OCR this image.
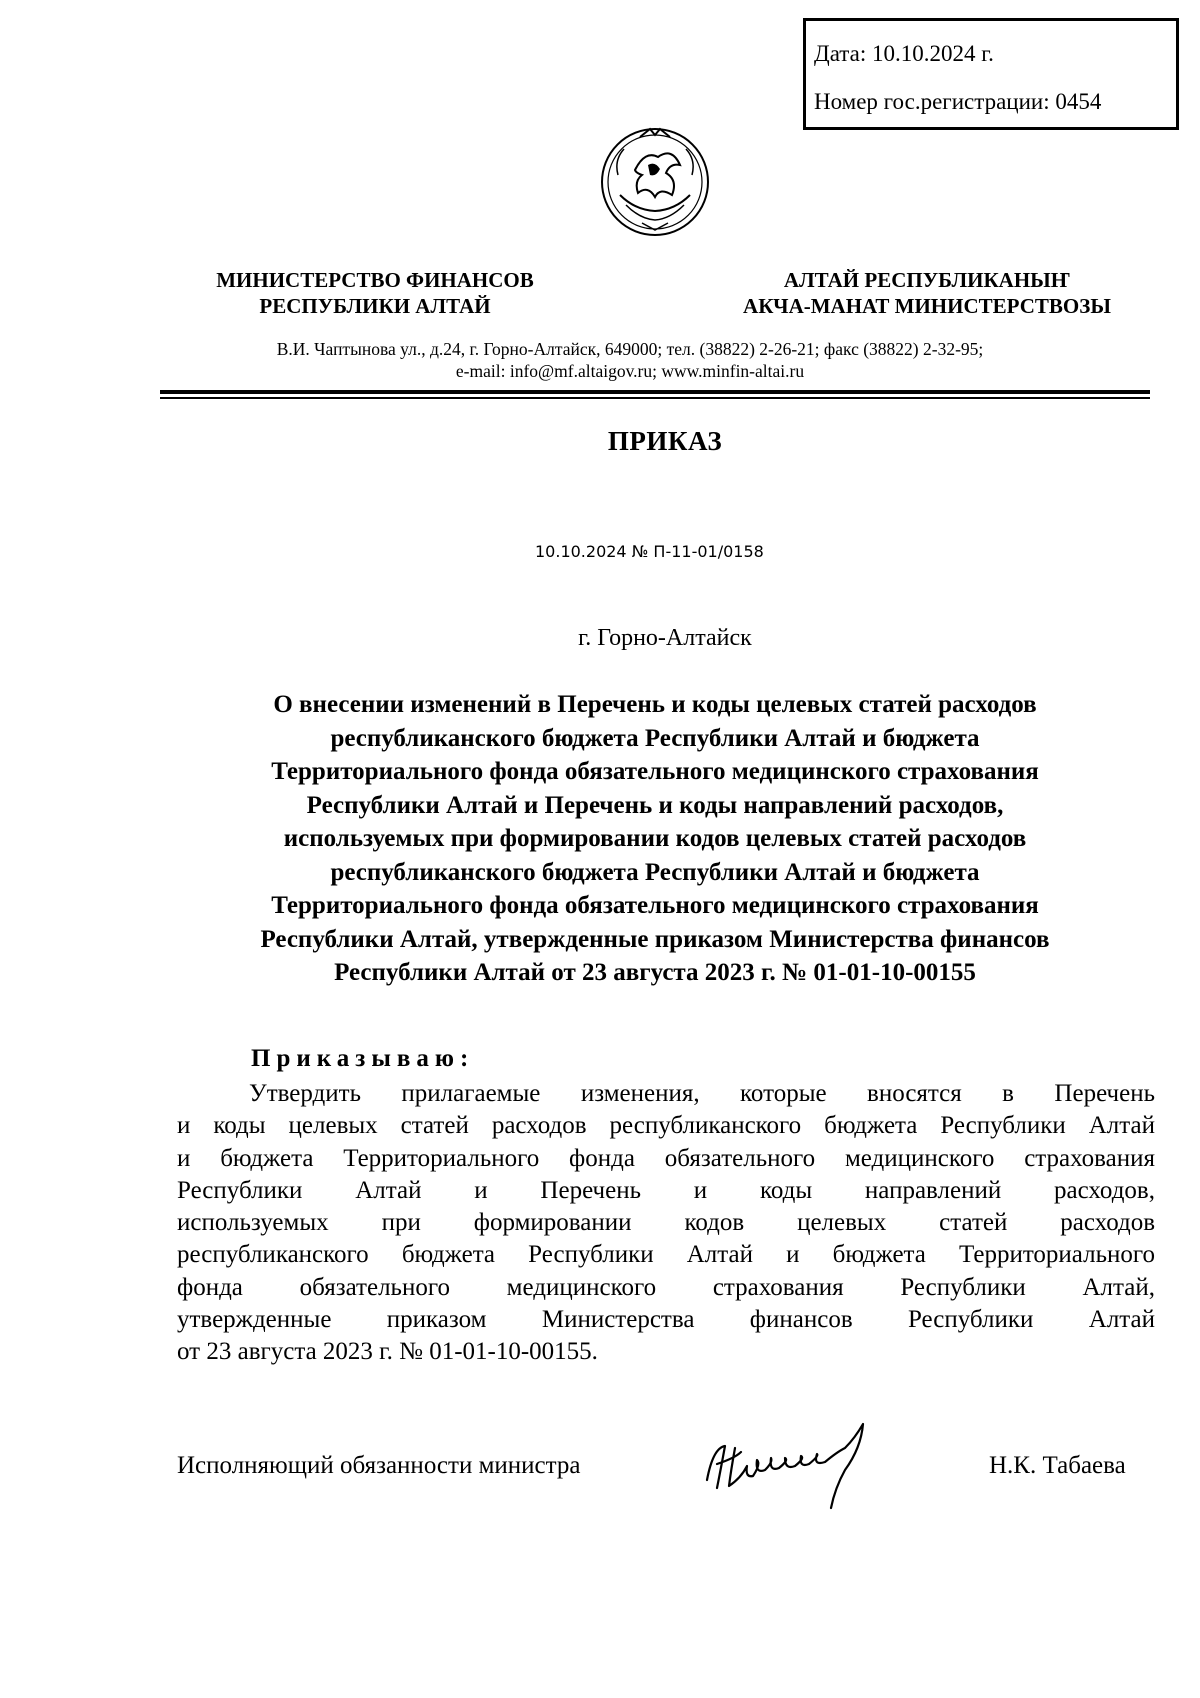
Дата: 10.10.2024 г.
Номер гос.регистрации: 0454
МИНИСТЕРСТВО ФИНАНСОВ
РЕСПУБЛИКИ АЛТАЙ
АЛТАЙ РЕСПУБЛИКАНЫҤ
АКЧА-МАНАТ МИНИСТЕРСТВОЗЫ
В.И. Чаптынова ул., д.24, г. Горно-Алтайск, 649000; тел. (38822) 2-26-21; факс (38822) 2-32-95;
e-mail: info@mf.altaigov.ru; www.minfin-altai.ru
ПРИКАЗ
10.10.2024 № П-11-01/0158
г. Горно-Алтайск
О внесении изменений в Перечень и коды целевых статей расходов
республиканского бюджета Республики Алтай и бюджета
Территориального фонда обязательного медицинского страхования
Республики Алтай и Перечень и коды направлений расходов,
используемых при формировании кодов целевых статей расходов
республиканского бюджета Республики Алтай и бюджета
Территориального фонда обязательного медицинского страхования
Республики Алтай, утвержденные приказом Министерства финансов
Республики Алтай от 23 августа 2023 г. № 01-01-10-00155
Приказываю:
Утвердить прилагаемые изменения, которые вносятся в Перечень
и коды целевых статей расходов республиканского бюджета Республики Алтай
и бюджета Территориального фонда обязательного медицинского страхования
Республики Алтай и Перечень и коды направлений расходов,
используемых при формировании кодов целевых статей расходов
республиканского бюджета Республики Алтай и бюджета Территориального
фонда обязательного медицинского страхования Республики Алтай,
утвержденные приказом Министерства финансов Республики Алтай
от 23 августа 2023 г. № 01-01-10-00155.
Исполняющий обязанности министра	Н.К. Табаева
